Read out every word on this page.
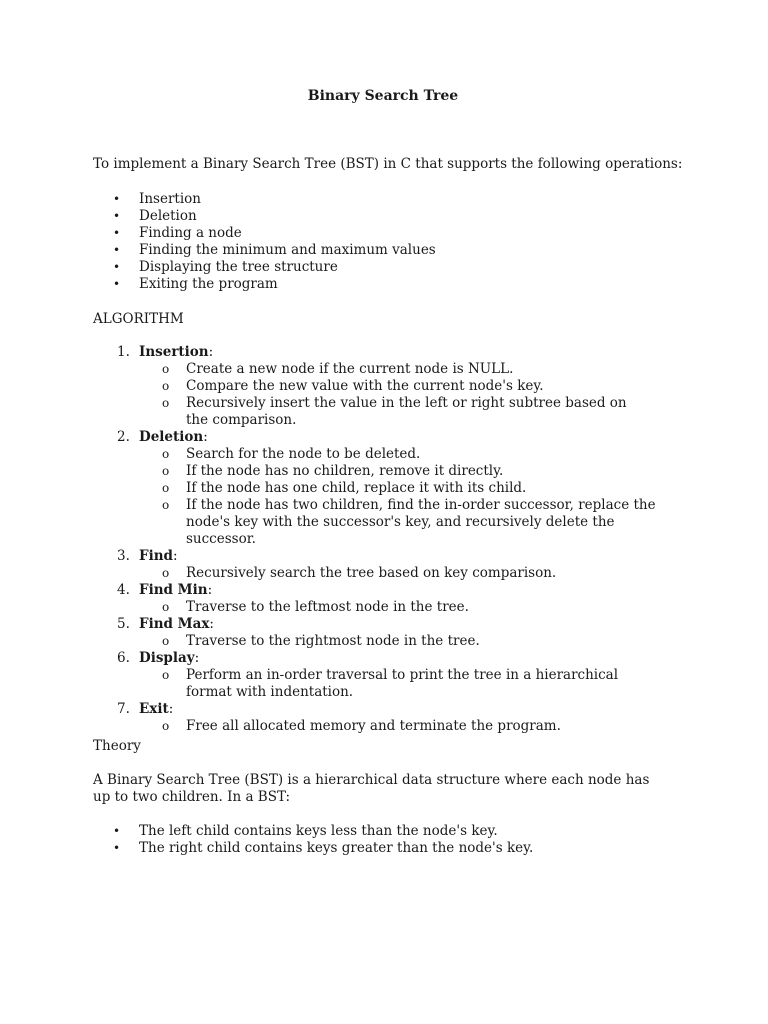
Binary Search Tree
To implement a Binary Search Tree (BST) in C that supports the following operations:
• Insertion
• Deletion
• Finding a node
• Finding the minimum and maximum values
• Displaying the tree structure
• Exiting the program
ALGORITHM
1. Insertion:
o Create a new node if the current node is NULL.
o Compare the new value with the current node's key.
o Recursively insert the value in the left or right subtree based on the comparison.
2. Deletion:
o Search for the node to be deleted.
o If the node has no children, remove it directly.
o If the node has one child, replace it with its child.
o If the node has two children, find the in-order successor, replace the node's key with the successor's key, and recursively delete the successor.
3. Find:
o Recursively search the tree based on key comparison.
4. Find Min:
o Traverse to the leftmost node in the tree.
5. Find Max:
o Traverse to the rightmost node in the tree.
6. Display:
o Perform an in-order traversal to print the tree in a hierarchical format with indentation.
7. Exit:
o Free all allocated memory and terminate the program.
Theory
A Binary Search Tree (BST) is a hierarchical data structure where each node has up to two children. In a BST:
• The left child contains keys less than the node's key.
• The right child contains keys greater than the node's key.
